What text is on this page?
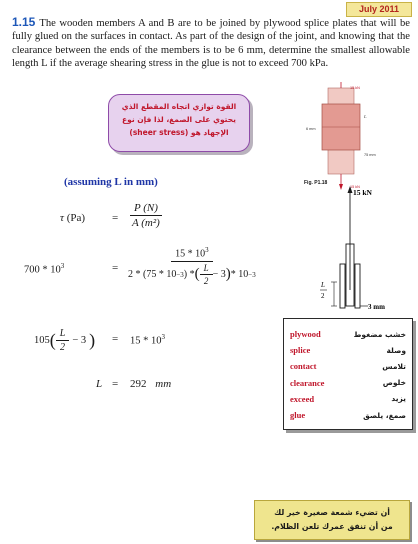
July 2011
1.15 The wooden members A and B are to be joined by plywood splice plates that will be fully glued on the surfaces in contact. As part of the design of the joint, and knowing that the clearance between the ends of the members is to be 6 mm, determine the smallest allowable length L if the average shearing stress in the glue is not to exceed 700 kPa.
القوة توازي اتجاه المقطع الذي
يحتوي على الصمغ، لذا فإن نوع
الإجهاد هو (sheer stress)
15 kN
15 kN
6 mm
75 mm
L
Fig. P1.18
(assuming L in mm)
τ $(Pa) = \frac{P (N)}{\text{A (m²)}}$
$700 * 10^3$	=
$15 * 10^3$
2 * (75 * 10 −3 ) * ( $\frac{L}{2} - 3$ ) * 10 −3
105 ( $\frac{L}{2} - 3$ ) = $15 * 10^3$
L = 292 mm
15 kN
L
2
3 mm
plywood	خشب مضغوط
splice	وصلة
contact	تلامس
clearance	خلوص
exceed	يزيد
glue	صمغ، يلصق
أن تضيء شمعة صغيرة خير لك
من أن تنفق عمرك تلعن الظلام.
